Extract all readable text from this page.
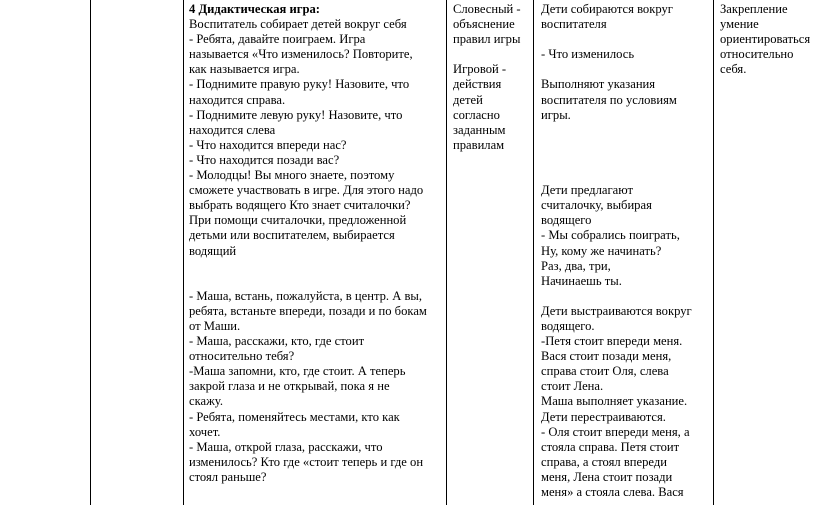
4 Дидактическая игра:
Воспитатель собирает детей вокруг себя
- Ребята, давайте поиграем. Игра
называется «Что изменилось? Повторите,
как называется игра.
- Поднимите правую руку! Назовите, что
находится справа.
- Поднимите левую руку! Назовите, что
находится слева
- Что находится впереди нас?
- Что находится позади вас?
- Молодцы! Вы много знаете, поэтому
сможете участвовать в игре. Для этого надо
выбрать водящего Кто знает считалочки?
При помощи считалочки, предложенной
детьми или воспитателем, выбирается
водящий
- Маша, встань, пожалуйста, в центр. А вы,
ребята, встаньте впереди, позади и по бокам
от Маши.
- Маша, расскажи, кто, где стоит
относительно тебя?
-Маша запомни, кто, где стоит. А теперь
закрой глаза и не открывай, пока я не
скажу.
- Ребята, поменяйтесь местами, кто как
хочет.
- Маша, открой глаза, расскажи, что
изменилось? Кто где «стоит теперь и где он
стоял раньше?
Словесный -
объяснение
правил игры
Игровой -
действия
детей
согласно
заданным
правилам
Дети собираются вокруг
воспитателя
- Что изменилось
Выполняют указания
воспитателя по условиям
игры.
Дети предлагают
считалочку, выбирая
водящего
- Мы собрались поиграть,
Ну, кому же начинать?
Раз, два, три,
Начинаешь ты.
Дети выстраиваются вокруг
водящего.
-Петя стоит впереди меня.
Вася стоит позади меня,
справа стоит Оля, слева
стоит Лена.
Маша выполняет указание.
Дети перестраиваются.
- Оля стоит впереди меня, а
стояла справа. Петя стоит
справа, а стоял впереди
меня, Лена стоит позади
меня» а стояла слева. Вася
Закрепление
умение
ориентироваться
относительно
себя.
